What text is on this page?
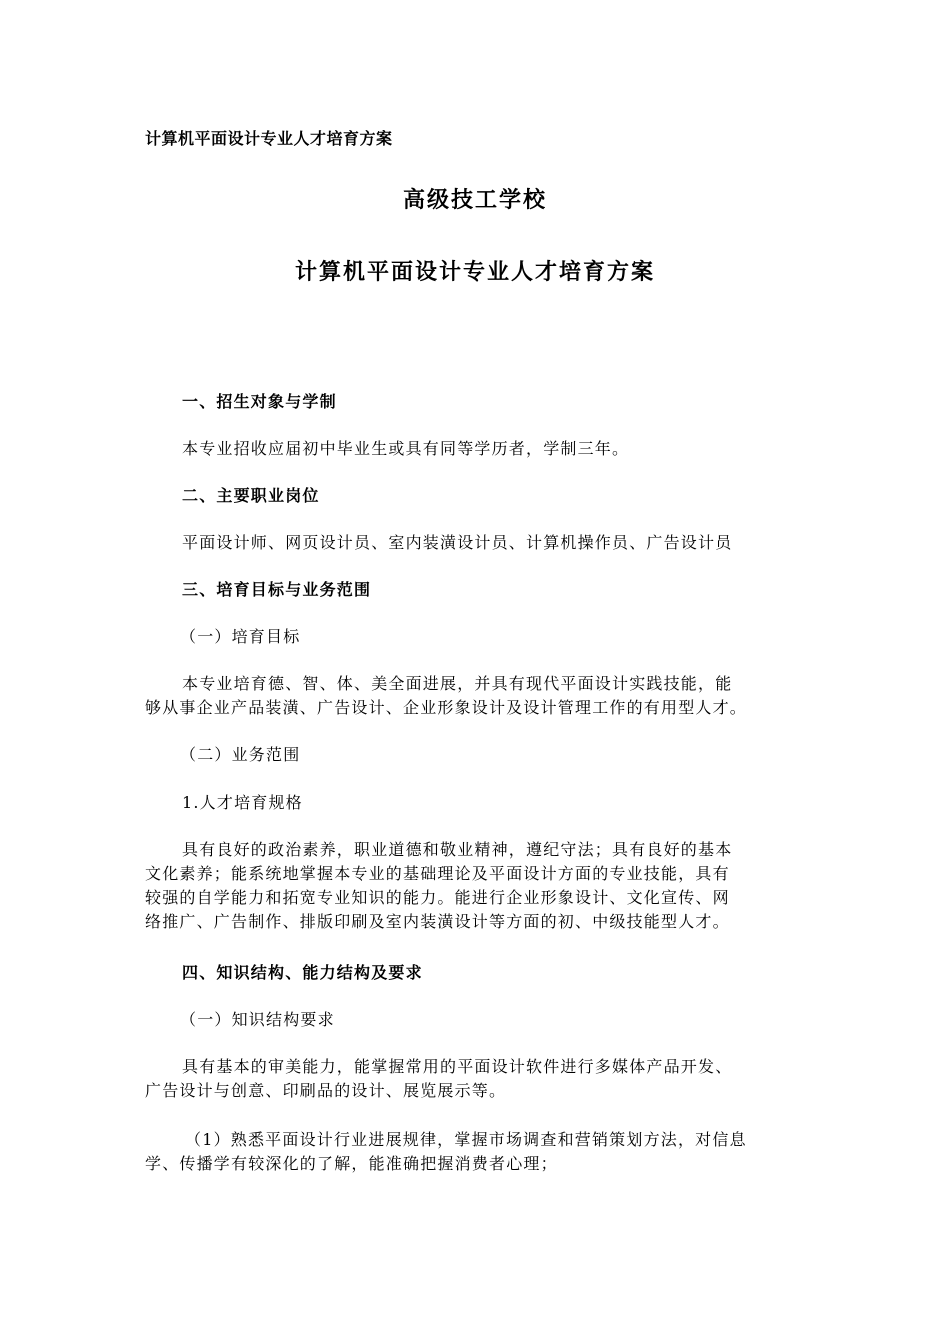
计算机平面设计专业人才培育方案
高级技工学校
计算机平面设计专业人才培育方案
一、招生对象与学制
本专业招收应届初中毕业生或具有同等学历者，学制三年。
二、主要职业岗位
平面设计师、网页设计员、室内装潢设计员、计算机操作员、广告设计员
三、培育目标与业务范围
（一）培育目标
本专业培育德、智、体、美全面进展，并具有现代平面设计实践技能，能
够从事企业产品装潢、广告设计、企业形象设计及设计管理工作的有用型人才。
（二）业务范围
1.人才培育规格
具有良好的政治素养，职业道德和敬业精神，遵纪守法；具有良好的基本
文化素养；能系统地掌握本专业的基础理论及平面设计方面的专业技能，具有
较强的自学能力和拓宽专业知识的能力。能进行企业形象设计、文化宣传、网
络推广、广告制作、排版印刷及室内装潢设计等方面的初、中级技能型人才。
四、知识结构、能力结构及要求
（一）知识结构要求
具有基本的审美能力，能掌握常用的平面设计软件进行多媒体产品开发、
广告设计与创意、印刷品的设计、展览展示等。
（1）熟悉平面设计行业进展规律，掌握市场调查和营销策划方法，对信息
学、传播学有较深化的了解，能准确把握消费者心理；
